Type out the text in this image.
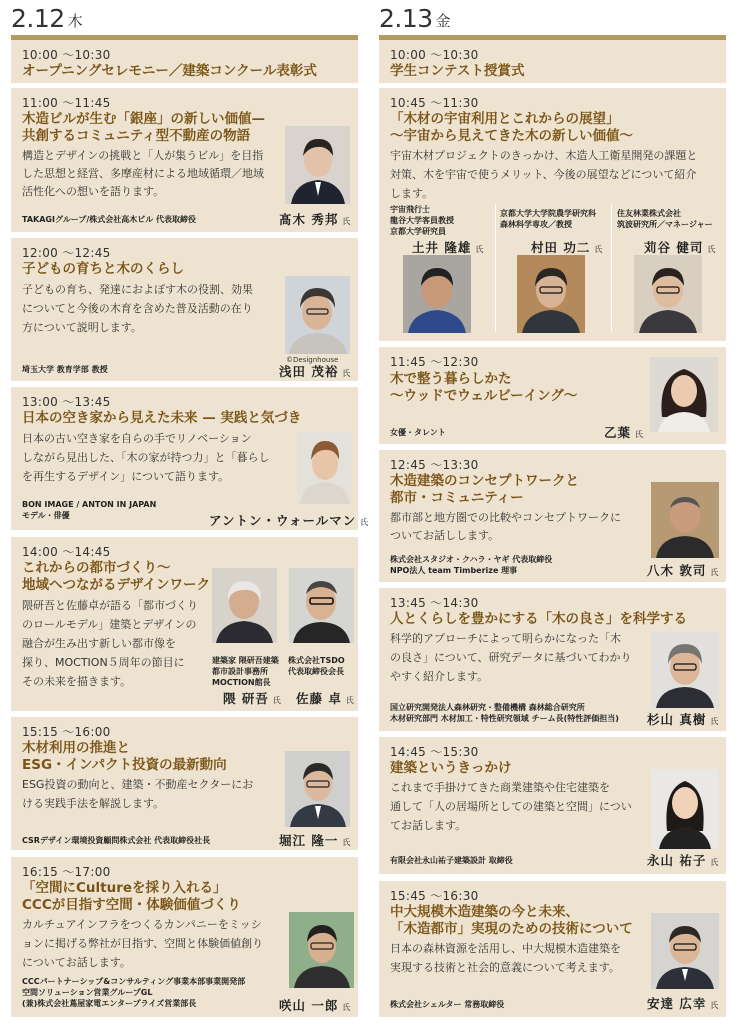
2.12 木
10:00 〜10:30
オープニングセレモニー／建築コンクール表彰式
11:00 〜11:45
木造ビルが生む「銀座」の新しい価値—
共創するコミュニティ型不動産の物語
構造とデザインの挑戦と「人が集うビル」を目指
した思想と経営、多摩産材による地域循環／地域
活性化への想いを語ります。
TAKAGIグループ/株式会社高木ビル 代表取締役	髙木 秀邦 氏
12:00 〜12:45
子どもの育ちと木のくらし
子どもの育ち、発達におよぼす木の役割、効果
についてと今後の木育を含めた普及活動の在り
方について説明します。
埼玉大学 教育学部 教授
©Designhouse
浅田 茂裕 氏
13:00 〜13:45
日本の空き家から見えた未来 — 実践と気づき
日本の古い空き家を自らの手でリノベーション
しながら見出した、「木の家が持つ力」と「暮らし
を再生するデザイン」について語ります。
BON IMAGE / ANTON IN JAPAN
モデル・俳優	アントン・ウォールマン 氏
14:00 〜14:45
これからの都市づくり〜
地域へつながるデザインワーク
隈研吾と佐藤卓が語る「都市づくり
のロールモデル」建築とデザインの
融合が生み出す新しい都市像を
探り、MOCTION５周年の節目に
その未来を描きます。
建築家 隈研吾建築
都市設計事務所
MOCTION館長
株式会社TSDO
代表取締役会長
隈 研吾 氏 佐藤 卓 氏
15:15 〜16:00
木材利用の推進と
ESG・インパクト投資の最新動向
ESG投資の動向と、建築・不動産セクターにお
ける実践手法を解説します。
CSRデザイン環境投資顧問株式会社 代表取締役社長	堀江 隆一 氏
16:15 〜17:00
「空間にCultureを採り入れる」
CCCが目指す空間・体験価値づくり
カルチュアインフラをつくるカンパニーをミッシ
ョンに掲げる弊社が目指す、空間と体験価値創り
についてお話します。
CCCパートナーシップ&コンサルティング事業本部事業開発部
空間ソリューション営業グループGL
(兼)株式会社蔦屋家電エンタープライズ営業部長	咲山 一郎 氏
2.13 金
10:00 〜10:30
学生コンテスト授賞式
10:45 〜11:30
「木材の宇宙利用とこれからの展望」
〜宇宙から見えてきた木の新しい価値〜
宇宙木材プロジェクトのきっかけ、木造人工衛星開発の課題と
対策、木を宇宙で使うメリット、今後の展望などについて紹介
します。
宇宙飛行士
龍谷大学客員教授
京都大学研究員
京都大学大学院農学研究科
森林科学専攻／教授
住友林業株式会社
筑波研究所／マネージャー
土井 隆雄 氏	村田 功二 氏	苅谷 健司 氏
11:45 〜12:30
木で整う暮らしかた
〜ウッドでウェルビーイング〜
女優・タレント	乙葉 氏
12:45 〜13:30
木造建築のコンセプトワークと
都市・コミュニティー
都市部と地方圏での比較やコンセプトワークに
ついてお話しします。
株式会社スタジオ・クハラ・ヤギ 代表取締役
NPO法人 team Timberize 理事	八木 敦司 氏
13:45 〜14:30
人とくらしを豊かにする「木の良さ」を科学する
科学的アプローチによって明らかになった「木
の良さ」について、研究データに基づいてわかり
やすく紹介します。
国立研究開発法人森林研究・整備機構 森林総合研究所
木材研究部門 木材加工・特性研究領域 チーム長(特性評価担当) 杉山 真樹 氏
14:45 〜15:30
建築というきっかけ
これまで手掛けてきた商業建築や住宅建築を
通して「人の居場所としての建築と空間」につい
てお話します。
有限会社永山祐子建築設計 取締役	永山 祐子 氏
15:45 〜16:30
中大規模木造建築の今と未来、
「木造都市」実現のための技術について
日本の森林資源を活用し、中大規模木造建築を
実現する技術と社会的意義について考えます。
株式会社シェルター 常務取締役	安達 広幸 氏
